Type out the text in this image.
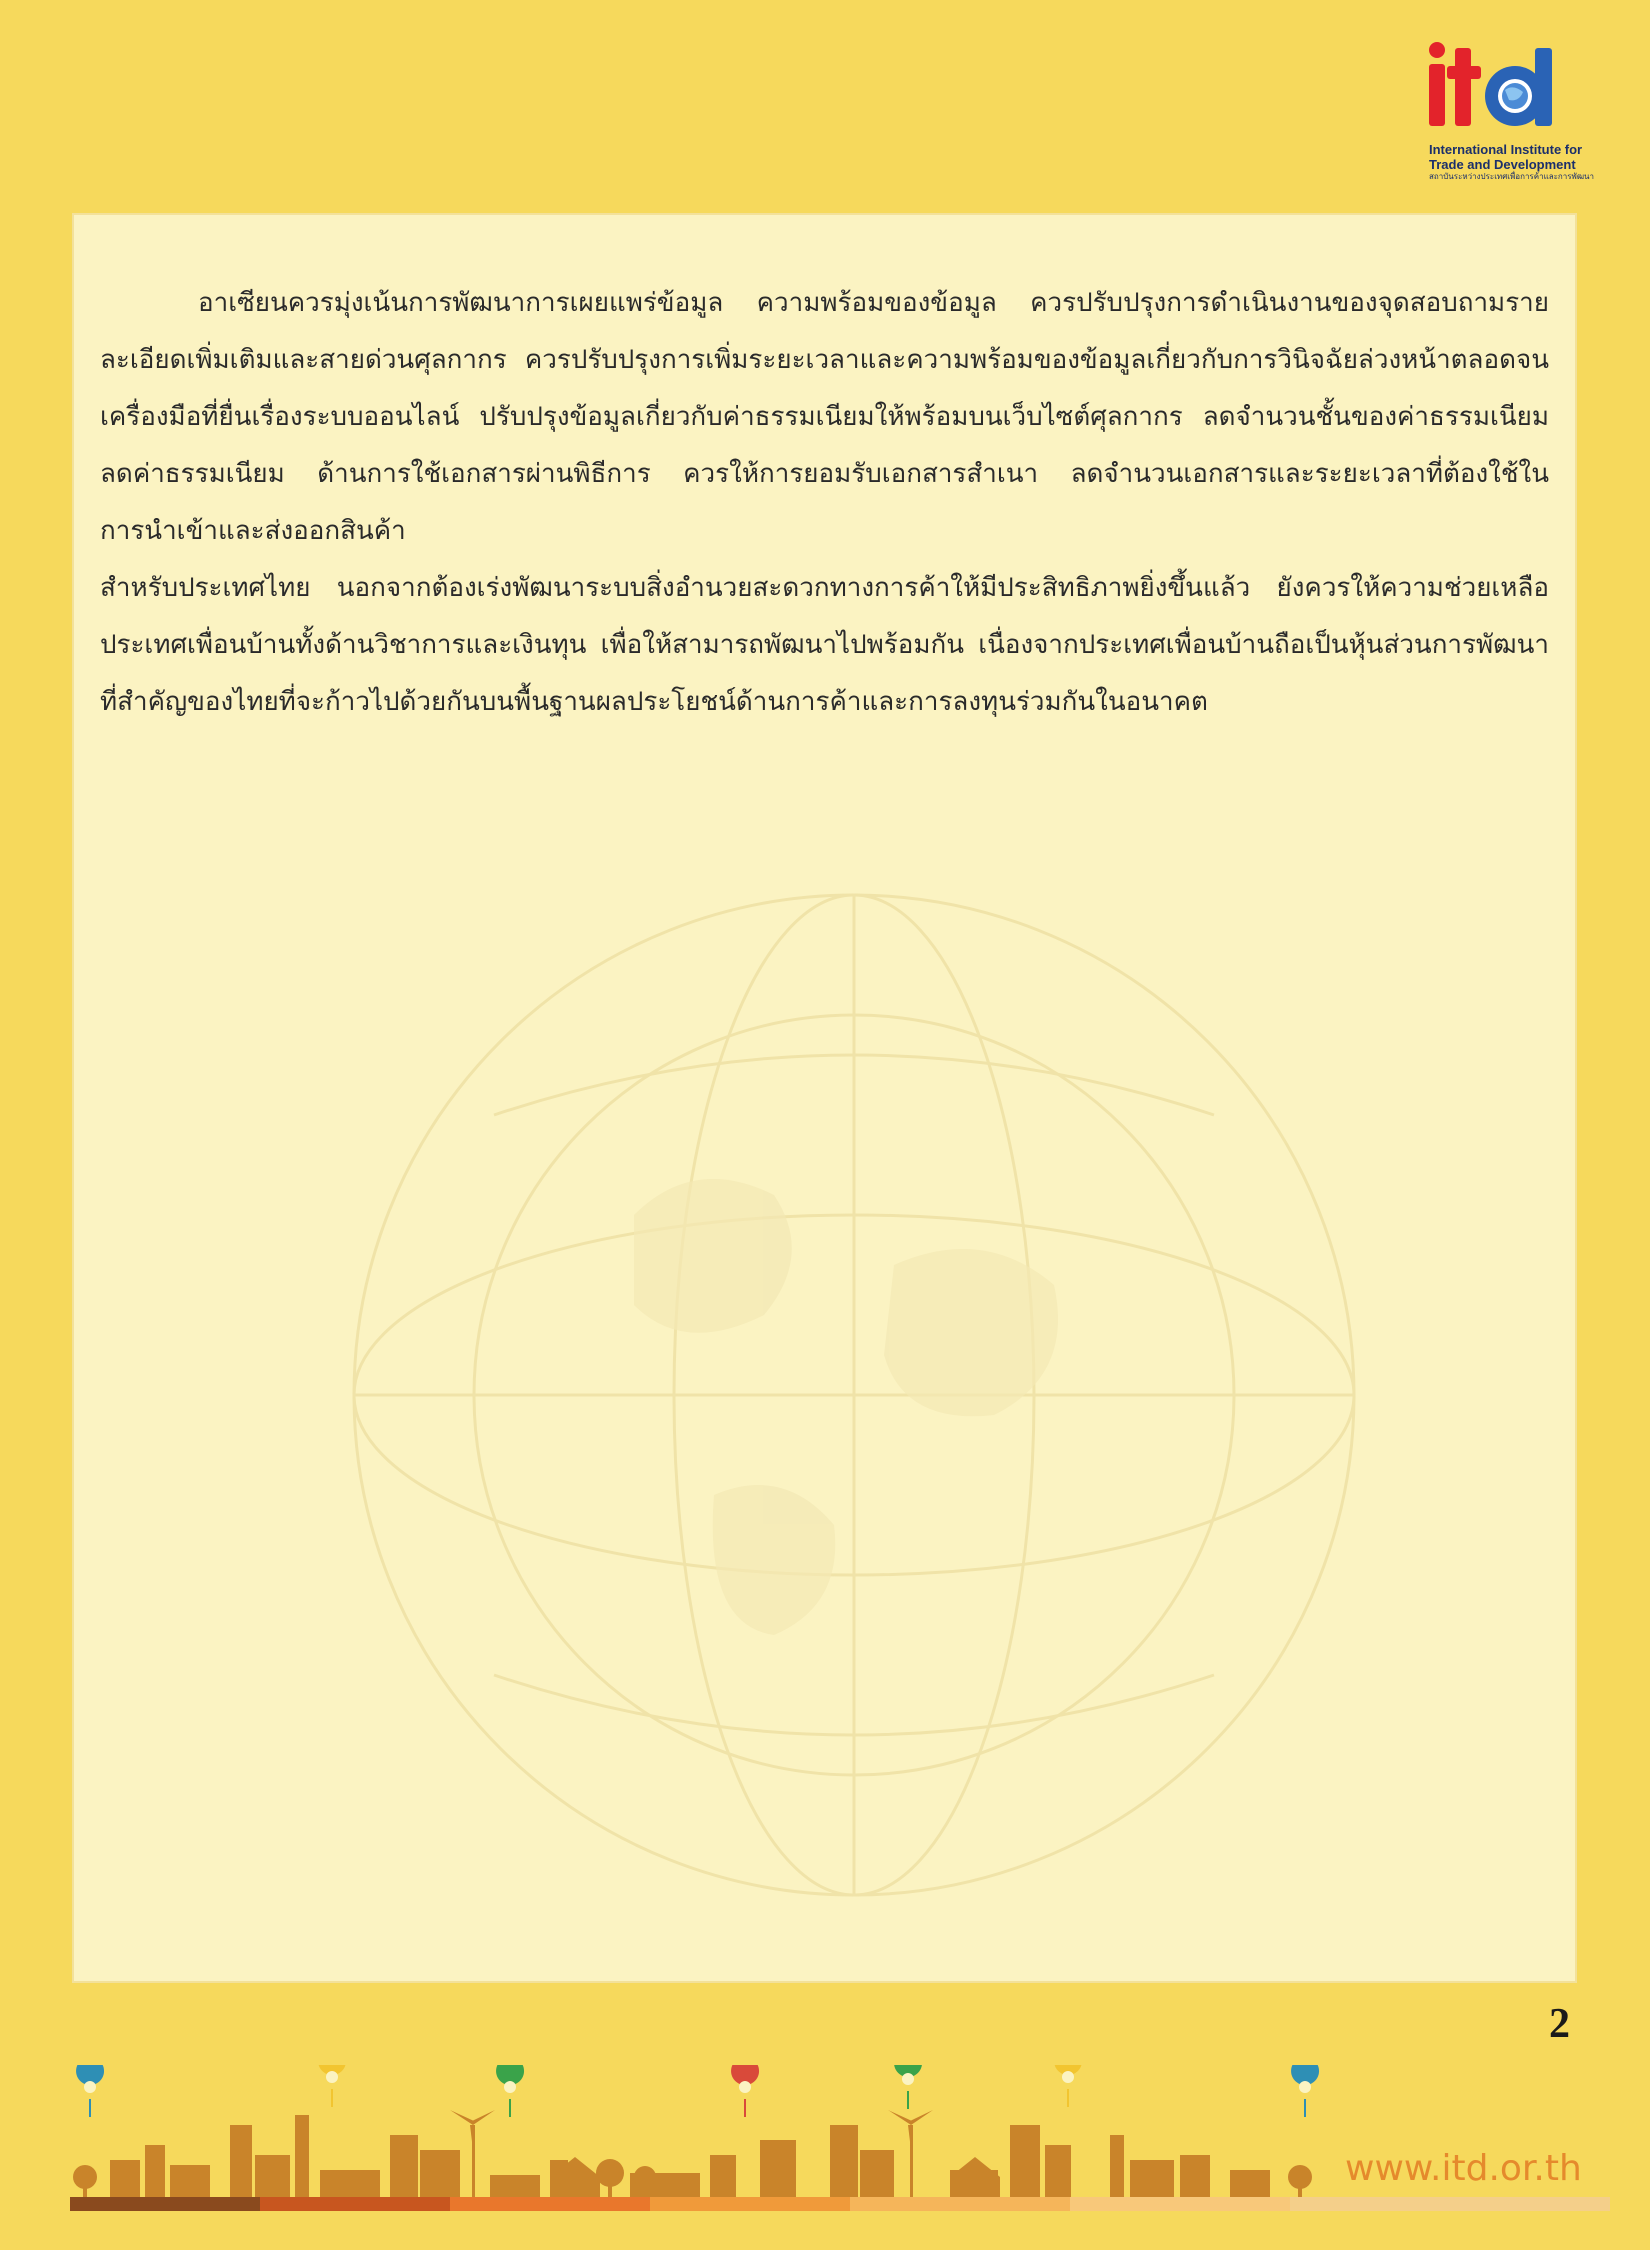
International Institute for
Trade and Development
สถาบันระหว่างประเทศเพื่อการค้าและการพัฒนา

อาเซียนควรมุ่งเน้นการพัฒนาการเผยแพร่ข้อมูล ความพร้อมของข้อมูล ควรปรับปรุงการดำเนินงานของจุดสอบถามรายละเอียดเพิ่มเติมและสายด่วนศุลกากร ควรปรับปรุงการเพิ่มระยะเวลาและความพร้อมของข้อมูลเกี่ยวกับการวินิจฉัยล่วงหน้าตลอดจนเครื่องมือที่ยื่นเรื่องระบบออนไลน์ ปรับปรุงข้อมูลเกี่ยวกับค่าธรรมเนียมให้พร้อมบนเว็บไซต์ศุลกากร ลดจำนวนชั้นของค่าธรรมเนียม ลดค่าธรรมเนียม ด้านการใช้เอกสารผ่านพิธีการ ควรให้การยอมรับเอกสารสำเนา ลดจำนวนเอกสารและระยะเวลาที่ต้องใช้ในการนำเข้าและส่งออกสินค้า

สำหรับประเทศไทย นอกจากต้องเร่งพัฒนาระบบสิ่งอำนวยสะดวกทางการค้าให้มีประสิทธิภาพยิ่งขึ้นแล้ว ยังควรให้ความช่วยเหลือประเทศเพื่อนบ้านทั้งด้านวิชาการและเงินทุน เพื่อให้สามารถพัฒนาไปพร้อมกัน เนื่องจากประเทศเพื่อนบ้านถือเป็นหุ้นส่วนการพัฒนาที่สำคัญของไทยที่จะก้าวไปด้วยกันบนพื้นฐานผลประโยชน์ด้านการค้าและการลงทุนร่วมกันในอนาคต

2
www.itd.or.th
